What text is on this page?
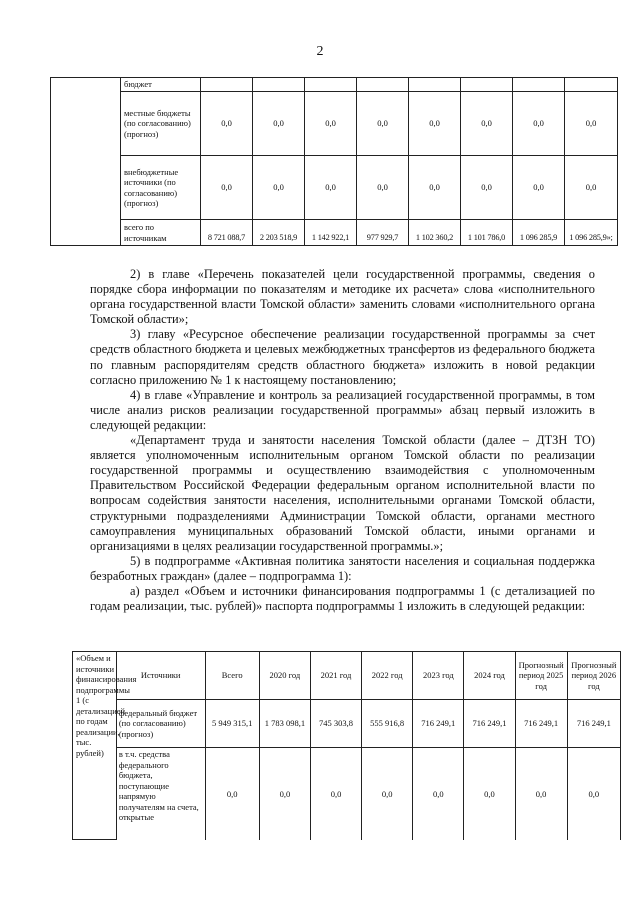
2
	бюджет								
	местные бюджеты (по согласованию) (прогноз)	0,0	0,0	0,0	0,0	0,0	0,0	0,0	0,0
	внебюджетные источники (по согласованию) (прогноз)	0,0	0,0	0,0	0,0	0,0	0,0	0,0	0,0
	всего по источникам	8 721 088,7	2 203 518,9	1 142 922,1	977 929,7	1 102 360,2	1 101 786,0	1 096 285,9	1 096 285,9»;

2) в главе «Перечень показателей цели государственной программы, сведения о порядке сбора информации по показателям и методике их расчета» слова «исполнительного органа государственной власти Томской области» заменить словами «исполнительного органа Томской области»;

3) главу «Ресурсное обеспечение реализации государственной программы за счет средств областного бюджета и целевых межбюджетных трансфертов из федерального бюджета по главным распорядителям средств областного бюджета» изложить в новой редакции согласно приложению № 1 к настоящему постановлению;

4) в главе «Управление и контроль за реализацией государственной программы, в том числе анализ рисков реализации государственной программы» абзац первый изложить в следующей редакции:

«Департамент труда и занятости населения Томской области (далее – ДТЗН ТО) является уполномоченным исполнительным органом Томской области по реализации государственной программы и осуществлению взаимодействия с уполномоченным Правительством Российской Федерации федеральным органом исполнительной власти по вопросам содействия занятости населения, исполнительными органами Томской области, структурными подразделениями Администрации Томской области, органами местного самоуправления муниципальных образований Томской области, иными органами и организациями в целях реализации государственной программы.»;

5) в подпрограмме «Активная политика занятости населения и социальная поддержка безработных граждан» (далее – подпрограмма 1):

а) раздел «Объем и источники финансирования подпрограммы 1 (с детализацией по годам реализации, тыс. рублей)» паспорта подпрограммы 1 изложить в следующей редакции:

«Объем и источники финансирования подпрограммы 1 (с детализацией по годам реализации, тыс. рублей)	Источники	Всего	2020 год	2021 год	2022 год	2023 год	2024 год	Прогнозный период 2025 год	Прогнозный период 2026 год
	федеральный бюджет (по согласованию) (прогноз)	5 949 315,1	1 783 098,1	745 303,8	555 916,8	716 249,1	716 249,1	716 249,1	716 249,1
	в т.ч. средства федерального бюджета, поступающие напрямую получателям на счета, открытые	0,0	0,0	0,0	0,0	0,0	0,0	0,0	0,0
